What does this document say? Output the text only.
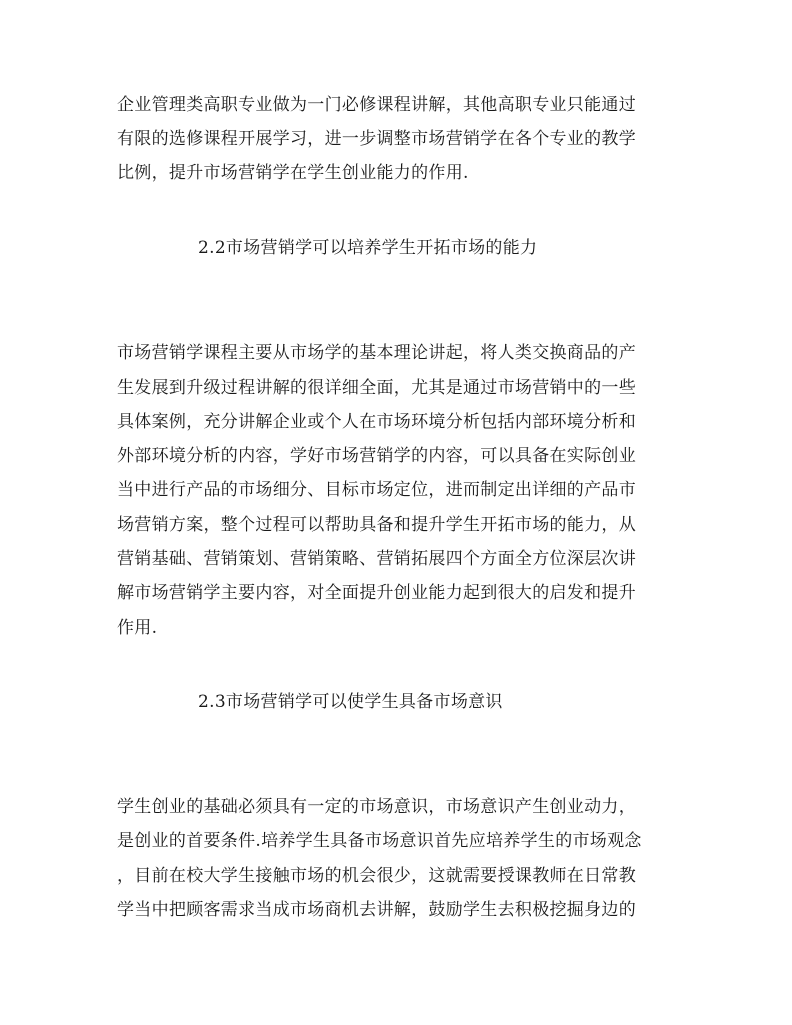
企业管理类高职专业做为一门必修课程讲解，其他高职专业只能通过
有限的选修课程开展学习，进一步调整市场营销学在各个专业的教学
比例，提升市场营销学在学生创业能力的作用.
2.2市场营销学可以培养学生开拓市场的能力
市场营销学课程主要从市场学的基本理论讲起，将人类交换商品的产
生发展到升级过程讲解的很详细全面，尤其是通过市场营销中的一些
具体案例，充分讲解企业或个人在市场环境分析包括内部环境分析和
外部环境分析的内容，学好市场营销学的内容，可以具备在实际创业
当中进行产品的市场细分、目标市场定位，进而制定出详细的产品市
场营销方案，整个过程可以帮助具备和提升学生开拓市场的能力，从
营销基础、营销策划、营销策略、营销拓展四个方面全方位深层次讲
解市场营销学主要内容，对全面提升创业能力起到很大的启发和提升
作用.
2.3市场营销学可以使学生具备市场意识
学生创业的基础必须具有一定的市场意识，市场意识产生创业动力，
是创业的首要条件.培养学生具备市场意识首先应培养学生的市场观念
，目前在校大学生接触市场的机会很少，这就需要授课教师在日常教
学当中把顾客需求当成市场商机去讲解，鼓励学生去积极挖掘身边的
